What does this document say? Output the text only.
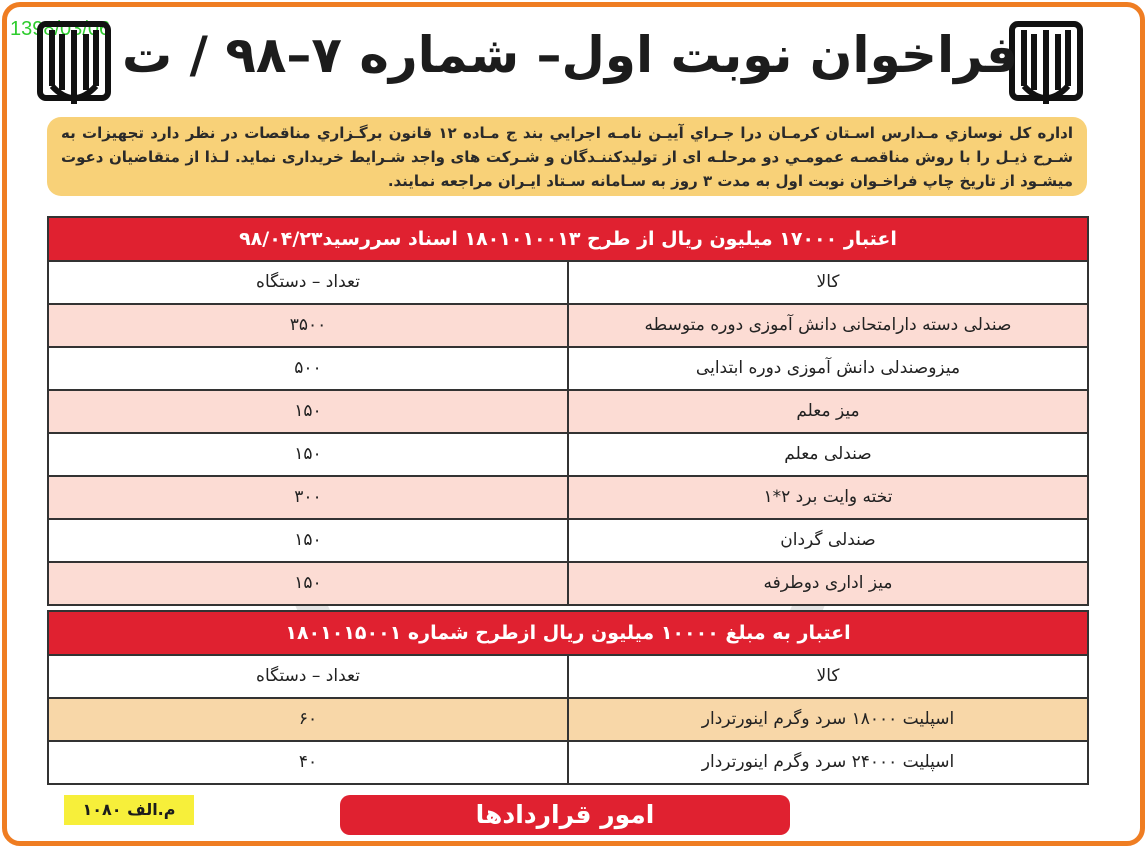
1398/03/06 فراخوان نوبت اول– شماره ۷–۹۸ / ت
اداره كل نوسازي مـدارس اسـتان كرمـان درا جـراي آييـن نامـه اجرايي بند ج مـاده ۱۲ قانون برگـزاري مناقصات در نظر دارد تجهيزات به شـرح ذيـل را با روش مناقصـه عمومـي دو مرحلـه اى از توليدكننـدگان و شـركت هاى واجد شـرايط خريدارى نمايد. لـذا از متقاضيان دعوت ميشـود از تاريخ چاپ فراخـوان نوبت اول به مدت ۳ روز به سـامانه سـتاد ايـران مراجعه نمايند.
اعتبار ۱۷۰۰۰ میلیون ریال از طرح ۱۸۰۱۰۱۰۰۱۳ اسناد سررسید۹۸/۰۴/۲۳
کالا
تعداد – دستگاه
صندلی دسته دارامتحانی دانش آموزی دوره متوسطه
۳۵۰۰
میزوصندلی دانش آموزی دوره ابتدایی
۵۰۰
میز معلم
۱۵۰
صندلی معلم
۱۵۰
تخته وایت برد ۲*۱
۳۰۰
صندلی گردان
۱۵۰
میز اداری دوطرفه
۱۵۰
اعتبار به مبلغ ۱۰۰۰۰ میلیون ریال ازطرح شماره ۱۸۰۱۰۱۵۰۰۱
کالا
تعداد – دستگاه
اسپلیت ۱۸۰۰۰ سرد وگرم اینورتردار
۶۰
اسپلیت ۲۴۰۰۰ سرد وگرم اینورتردار
۴۰
م.الف ۱۰۸۰	امور قراردادها
